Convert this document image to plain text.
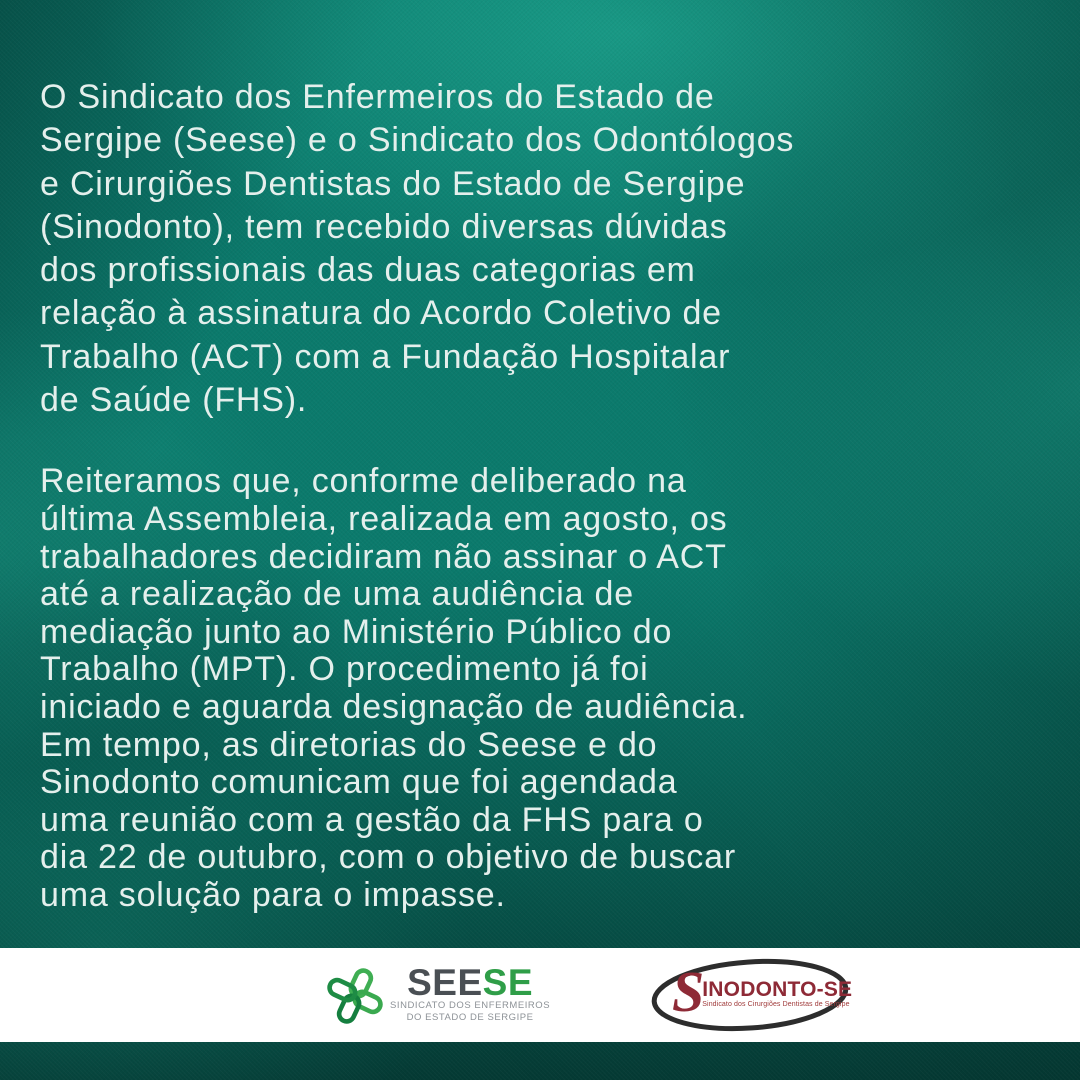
O Sindicato dos Enfermeiros do Estado de
Sergipe (Seese) e o Sindicato dos Odontólogos
e Cirurgiões Dentistas do Estado de Sergipe
(Sinodonto), tem recebido diversas dúvidas
dos profissionais das duas categorias em
relação à assinatura do Acordo Coletivo de
Trabalho (ACT) com a Fundação Hospitalar
de Saúde (FHS).
Reiteramos que, conforme deliberado na
última Assembleia, realizada em agosto, os
trabalhadores decidiram não assinar o ACT
até a realização de uma audiência de
mediação junto ao Ministério Público do
Trabalho (MPT). O procedimento já foi
iniciado e aguarda designação de audiência.
Em tempo, as diretorias do Seese e do
Sinodonto comunicam que foi agendada
uma reunião com a gestão da FHS para o
dia 22 de outubro, com o objetivo de buscar
uma solução para o impasse.
SEESE
SINDICATO DOS ENFERMEIROS
DO ESTADO DE SERGIPE S
INODONTO-SE
Sindicato dos Cirurgiões Dentistas de Sergipe
